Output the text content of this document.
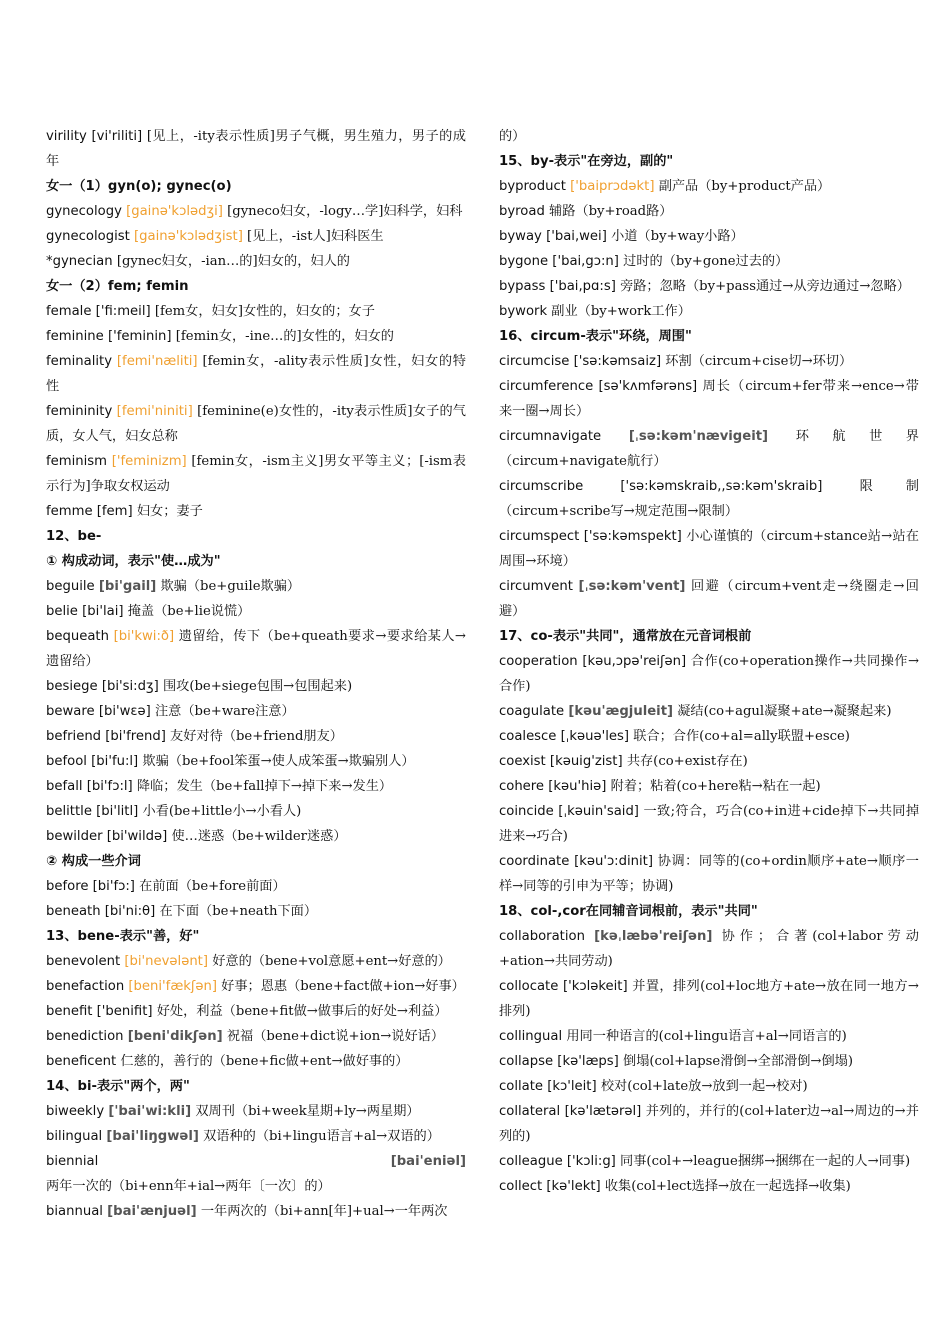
virility [vi'riliti] [见上，-ity表示性质]男子气概，男生殖力，男子的成年

女一（1）gyn(o); gynec(o)

gynecology [gainə'kɔlədʒi] [gyneco妇女，-logy…学]妇科学，妇科

gynecologist [gainə'kɔlədʒist] [见上，-ist人]妇科医生

*gynecian [gynec妇女，-ian…的]妇女的，妇人的

女一（2）fem; femin

female ['fi:meil] [fem女，妇女]女性的，妇女的；女子

feminine ['feminin] [femin女，-ine…的]女性的，妇女的

feminality [femi'næliti] [femin女，-ality表示性质]女性，妇女的特性

femininity [femi'niniti] [feminine(e)女性的，-ity表示性质]女子的气质，女人气，妇女总称

feminism ['feminizm] [femin女，-ism主义]男女平等主义；[-ism表示行为]争取女权运动

femme [fem] 妇女；妻子

12、be-

① 构成动词，表示"使…成为"

beguile [bi'gail] 欺骗（be+guile欺骗）

belie [bi'lai] 掩盖（be+lie说慌）

bequeath [bi'kwi:ð] 遗留给，传下（be+queath要求→要求给某人→遗留给）

besiege [bi'si:dʒ] 围攻(be+siege包围→包围起来)

beware [bi'wεə] 注意（be+ware注意）

befriend [bi'frend] 友好对待（be+friend朋友）

befool [bi'fu:l] 欺骗（be+fool笨蛋→使人成笨蛋→欺骗别人）

befall [bi'fɔ:l] 降临；发生（be+fall掉下→掉下来→发生）

belittle [bi'litl] 小看(be+little小→小看人)

bewilder [bi'wildə] 使…迷惑（be+wilder迷惑）

② 构成一些介词

before [bi'fɔ:] 在前面（be+fore前面）

beneath [bi'ni:θ] 在下面（be+neath下面）

13、bene-表示"善，好"

benevolent [bi'nevələnt] 好意的（bene+vol意愿+ent→好意的）

benefaction [beni'fækʃən] 好事；恩惠（bene+fact做+ion→好事）

benefit ['benifit] 好处，利益（bene+fit做→做事后的好处→利益）

benediction [beni'dikʃən] 祝福（bene+dict说+ion→说好话）

beneficent 仁慈的，善行的（bene+fic做+ent→做好事的）

14、bi-表示"两个，两"

biweekly ['bai'wi:kli] 双周刊（bi+week星期+ly→两星期）

bilingual [bai'liŋgwəl] 双语种的（bi+lingu语言+al→双语的）

biennial	[bai'eniəl] 两年一次的（bi+enn年+ial→两年〔一次〕的）

biannual [bai'ænjuəl] 一年两次的（bi+ann[年]+ual→一年两次

的）

15、by-表示"在旁边，副的"

byproduct ['baiprɔdəkt] 副产品（by+product产品）

byroad 辅路（by+road路）

byway ['bai,wei] 小道（by+way小路）

bygone ['bai,gɔ:n] 过时的（by+gone过去的）

bypass ['bai,pɑ:s] 旁路；忽略（by+pass通过→从旁边通过→忽略）

bywork 副业（by+work工作）

16、circum-表示"环绕，周围"

circumcise ['sə:kəmsaiz] 环割（circum+cise切→环切）

circumference [sə'kʌmfərəns] 周长（circum+fer带来→ence→带来一圈→周长）

circumnavigate [ˌsə:kəm'nævigeit] 环航世界（circum+navigate航行）

circumscribe	['sə:kəmskraib,,sə:kəm'skraib]	限制（circum+scribe写→规定范围→限制）

circumspect ['sə:kəmspekt] 小心谨慎的（circum+stance站→站在周围→环境）

circumvent [ˌsə:kəm'vent] 回避（circum+vent走→绕圈走→回避）

17、co-表示"共同"，通常放在元音词根前

cooperation [kəu,ɔpə'reiʃən] 合作(co+operation操作→共同操作→合作)

coagulate [kəu'ægjuleit] 凝结(co+agul凝聚+ate→凝聚起来)

coalesce [ˌkəuə'les] 联合；合作(co+al=ally联盟+esce)

coexist [kəuig'zist] 共存(co+exist存在)

cohere [kəu'hiə] 附着；粘着(co+here粘→粘在一起)

coincide [ˌkəuin'said] 一致;符合，巧合(co+in进+cide掉下→共同掉进来→巧合)

coordinate [kəu'ɔ:dinit] 协调：同等的(co+ordin顺序+ate→顺序一样→同等的引申为平等；协调)

18、col-,cor在同辅音词根前，表示"共同"

collaboration [kəˌlæbə'reiʃən] 协作；合著(col+labor劳动+ation→共同劳动)

collocate ['kɔləkeit] 并置，排列(col+loc地方+ate→放在同一地方→排列)

collingual 用同一种语言的(col+lingu语言+al→同语言的)

collapse [kə'læps] 倒塌(col+lapse滑倒→全部滑倒→倒塌)

collate [kɔ'leit] 校对(col+late放→放到一起→校对)

collateral [kə'lætərəl] 并列的，并行的(col+later边→al→周边的→并列的)

colleague ['kɔli:g] 同事(col+→league捆绑→捆绑在一起的人→同事)

collect [kə'lekt] 收集(col+lect选择→放在一起选择→收集)
